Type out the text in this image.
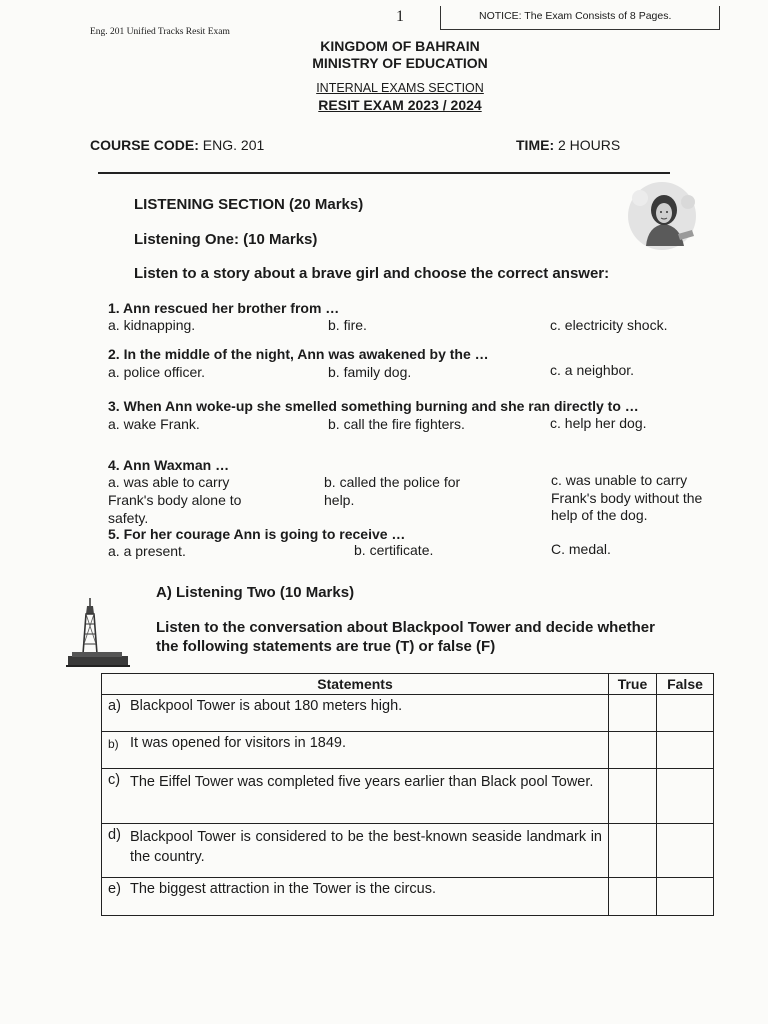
1	NOTICE: The Exam Consists of 8 Pages.
Eng. 201 Unified Tracks Resit Exam
KINGDOM OF BAHRAIN
MINISTRY OF EDUCATION
INTERNAL EXAMS SECTION
RESIT EXAM 2023 / 2024
COURSE CODE: ENG. 201	TIME: 2 HOURS
LISTENING SECTION (20 Marks)
Listening One: (10 Marks)
Listen to a story about a brave girl and choose the correct answer:
1. Ann rescued her brother from …
a. kidnapping.	b. fire.	c. electricity shock.
2. In the middle of the night, Ann was awakened by the …
a. police officer.	b. family dog.	c. a neighbor.
3. When Ann woke-up she smelled something burning and she ran directly to …
a. wake Frank.	b. call the fire fighters.	c. help her dog.
4. Ann Waxman …
a. was able to carry Frank's body alone to safety.
b. called the police for help.
c. was unable to carry Frank's body without the help of the dog.
5. For her courage Ann is going to receive …
a. a present.	b. certificate.	C. medal.
A) Listening Two (10 Marks)
Listen to the conversation about Blackpool Tower and decide whether the following statements are true (T) or false (F)
Statements	True	False

a) Blackpool Tower is about 180 meters high.		

b) It was opened for visitors in 1849.		

c) The Eiffel Tower was completed five years earlier than Black pool Tower.		

d) Blackpool Tower is considered to be the best-known seaside landmark in the country.		

e) The biggest attraction in the Tower is the circus.		
